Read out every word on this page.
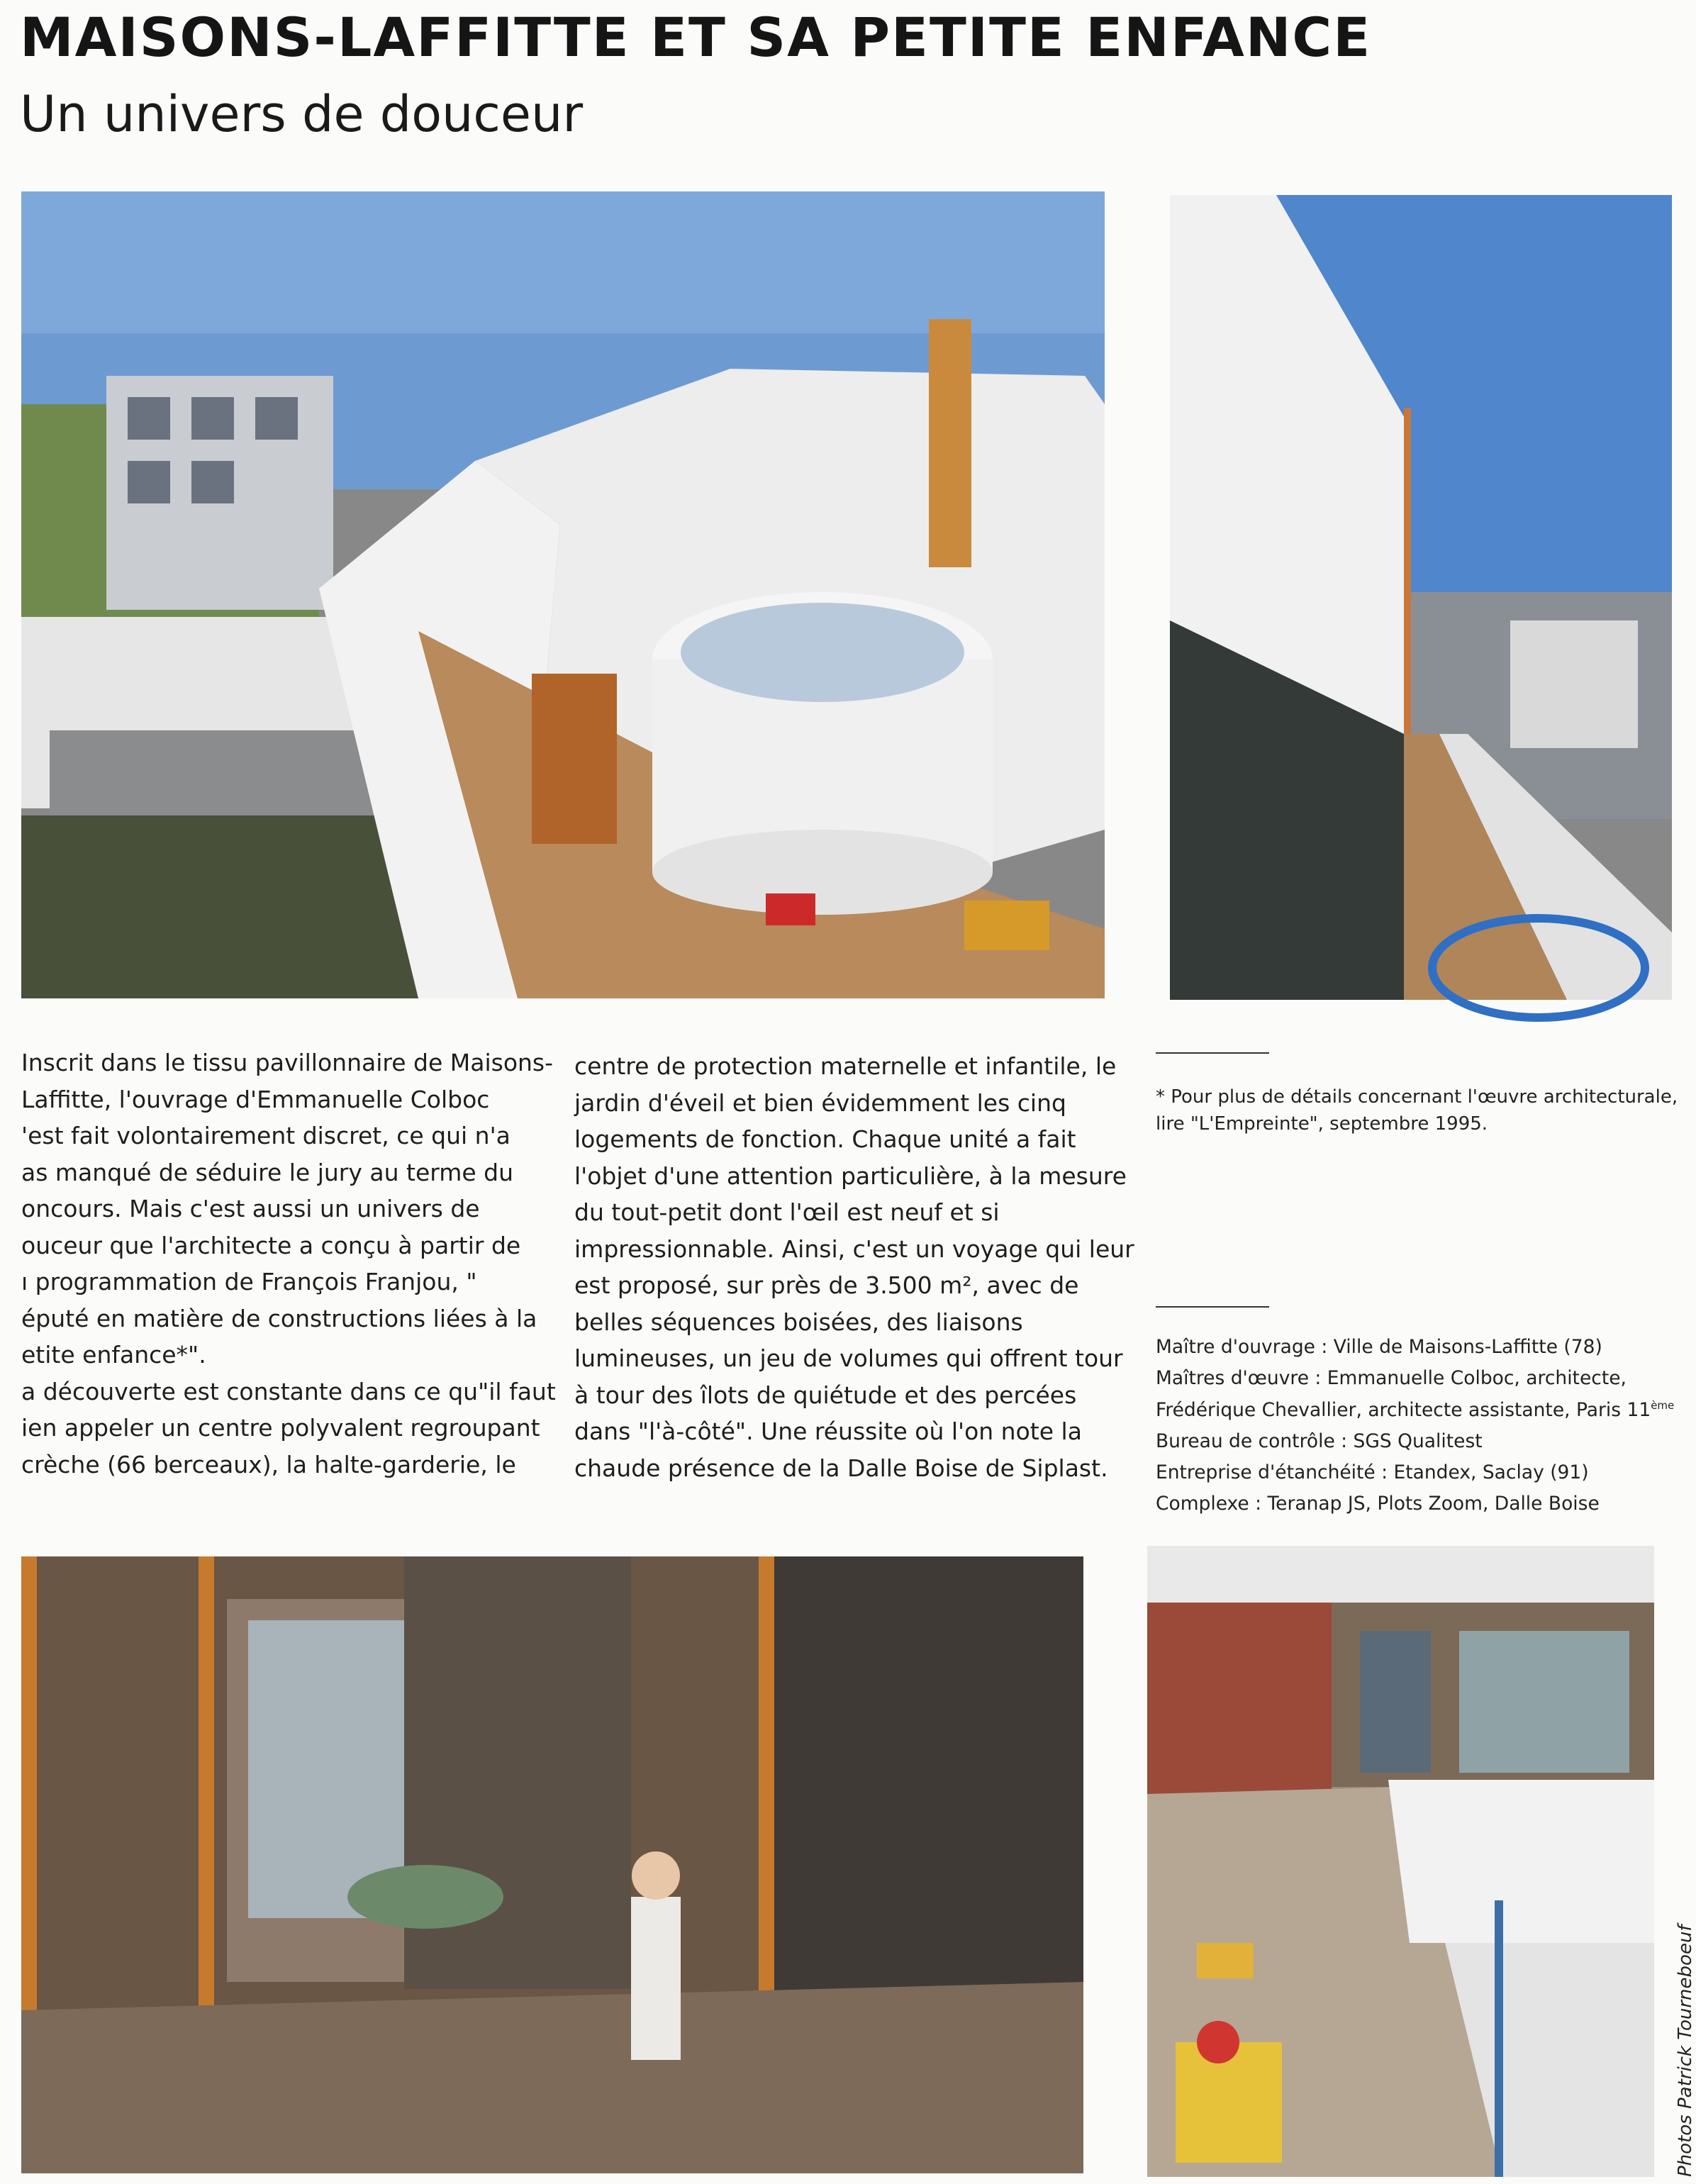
MAISONS-LAFFITTE ET SA PETITE ENFANCE
Un univers de douceur

Inscrit dans le tissu pavillonnaire de Maisons-

Laffitte, l'ouvrage d'Emmanuelle Colboc

'est fait volontairement discret, ce qui n'a

as manqué de séduire le jury au terme du

oncours. Mais c'est aussi un univers de

ouceur que l'architecte a conçu à partir de

ı programmation de François Franjou, "

éputé en matière de constructions liées à la

etite enfance*".

a découverte est constante dans ce qu"il faut

ien appeler un centre polyvalent regroupant

crèche (66 berceaux), la halte-garderie, le

centre de protection maternelle et infantile, le

jardin d'éveil et bien évidemment les cinq

logements de fonction. Chaque unité a fait

l'objet d'une attention particulière, à la mesure

du tout-petit dont l'œil est neuf et si

impressionnable. Ainsi, c'est un voyage qui leur

est proposé, sur près de 3.500 m², avec de

belles séquences boisées, des liaisons

lumineuses, un jeu de volumes qui offrent tour

à tour des îlots de quiétude et des percées

dans "l'à-côté". Une réussite où l'on note la

chaude présence de la Dalle Boise de Siplast.

* Pour plus de détails concernant l'œuvre architecturale,
lire "L'Empreinte", septembre 1995.

Maître d'ouvrage : Ville de Maisons-Laffitte (78)

Maîtres d'œuvre : Emmanuelle Colboc, architecte,

Frédérique Chevallier, architecte assistante, Paris 11ème

Bureau de contrôle : SGS Qualitest

Entreprise d'étanchéité : Etandex, Saclay (91)

Complexe : Teranap JS, Plots Zoom, Dalle Boise

Photos Patrick Tourneboeuf
